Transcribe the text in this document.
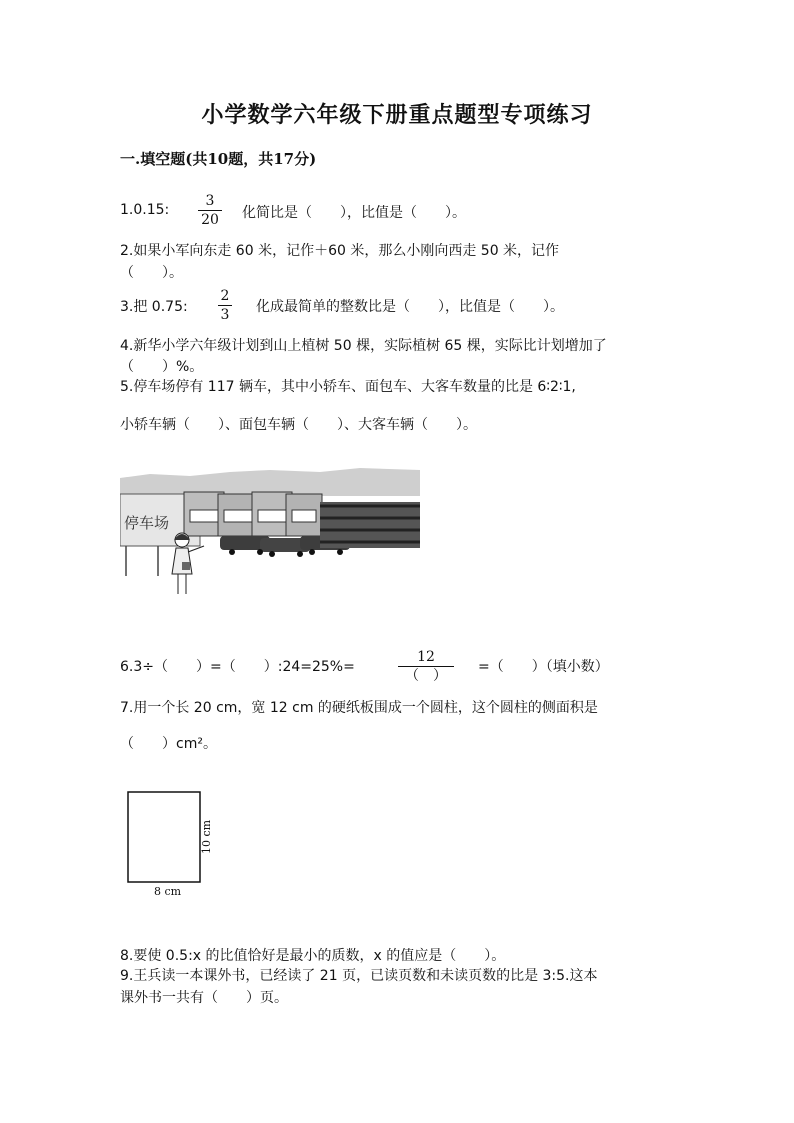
小学数学六年级下册重点题型专项练习
一.填空题(共10题，共17分)
1.0.15:
3
20 化简比是（　　），比值是（　　）。
2.如果小军向东走 60 米，记作＋60 米，那么小刚向西走 50 米，记作
（　　）。
3.把 0.75:
2
3 化成最简单的整数比是（　　），比值是（　　）。
4.新华小学六年级计划到山上植树 50 棵，实际植树 65 棵，实际比计划增加了
（　　）%。
5.停车场停有 117 辆车，其中小轿车、面包车、大客车数量的比是 6∶2∶1,
小轿车辆（　　）、面包车辆（　　）、大客车辆（　　）。
停车场
6.3÷（　　）=（　　）:24=25%=
12
（　）
=（　　）（填小数）
7.用一个长 20 cm，宽 12 cm 的硬纸板围成一个圆柱，这个圆柱的侧面积是
（　　）cm²。
10 cm
8 cm
8.要使 0.5:x 的比值恰好是最小的质数，x 的值应是（　　）。
9.王兵读一本课外书，已经读了 21 页，已读页数和未读页数的比是 3:5.这本
课外书一共有（　　）页。
